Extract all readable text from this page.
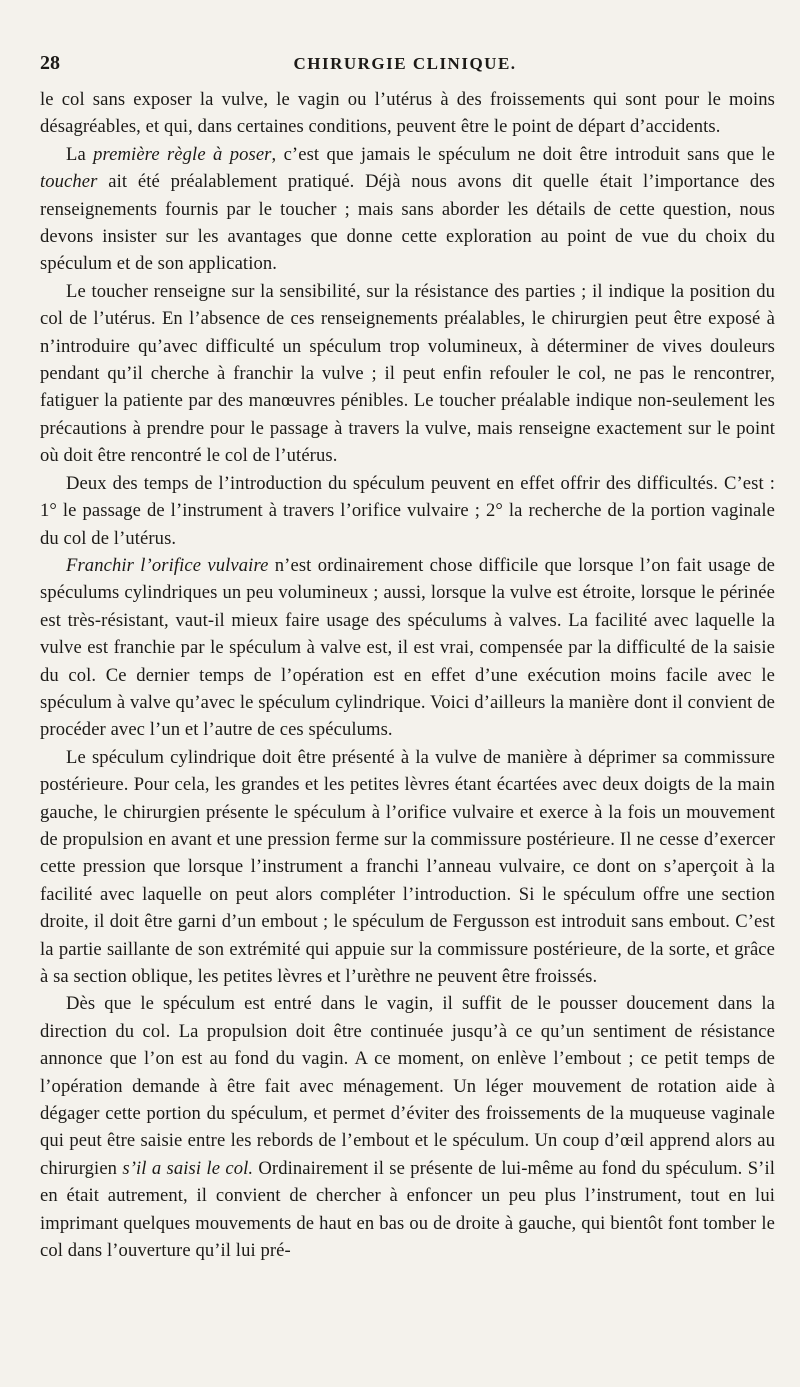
28	CHIRURGIE CLINIQUE.

le col sans exposer la vulve, le vagin ou l’utérus à des froissements qui sont pour le moins désagréables, et qui, dans certaines conditions, peuvent être le point de départ d’accidents.

La première règle à poser, c’est que jamais le spéculum ne doit être introduit sans que le toucher ait été préalablement pratiqué. Déjà nous avons dit quelle était l’importance des renseignements fournis par le toucher ; mais sans aborder les détails de cette question, nous devons insister sur les avantages que donne cette exploration au point de vue du choix du spéculum et de son application.

Le toucher renseigne sur la sensibilité, sur la résistance des parties ; il indique la position du col de l’utérus. En l’absence de ces renseignements préalables, le chirurgien peut être exposé à n’introduire qu’avec difficulté un spéculum trop volumineux, à déterminer de vives douleurs pendant qu’il cherche à franchir la vulve ; il peut enfin refouler le col, ne pas le rencontrer, fatiguer la patiente par des manœuvres pénibles. Le toucher préalable indique non-seulement les précautions à prendre pour le passage à travers la vulve, mais renseigne exactement sur le point où doit être rencontré le col de l’utérus.

Deux des temps de l’introduction du spéculum peuvent en effet offrir des difficultés. C’est : 1° le passage de l’instrument à travers l’orifice vulvaire ; 2° la recherche de la portion vaginale du col de l’utérus.

Franchir l’orifice vulvaire n’est ordinairement chose difficile que lorsque l’on fait usage de spéculums cylindriques un peu volumineux ; aussi, lorsque la vulve est étroite, lorsque le périnée est très-résistant, vaut-il mieux faire usage des spéculums à valves. La facilité avec laquelle la vulve est franchie par le spéculum à valve est, il est vrai, compensée par la difficulté de la saisie du col. Ce dernier temps de l’opération est en effet d’une exécution moins facile avec le spéculum à valve qu’avec le spéculum cylindrique. Voici d’ailleurs la manière dont il convient de procéder avec l’un et l’autre de ces spéculums.

Le spéculum cylindrique doit être présenté à la vulve de manière à déprimer sa commissure postérieure. Pour cela, les grandes et les petites lèvres étant écartées avec deux doigts de la main gauche, le chirurgien présente le spéculum à l’orifice vulvaire et exerce à la fois un mouvement de propulsion en avant et une pression ferme sur la commissure postérieure. Il ne cesse d’exercer cette pression que lorsque l’instrument a franchi l’anneau vulvaire, ce dont on s’aperçoit à la facilité avec laquelle on peut alors compléter l’introduction. Si le spéculum offre une section droite, il doit être garni d’un embout ; le spéculum de Fergusson est introduit sans embout. C’est la partie saillante de son extrémité qui appuie sur la commissure postérieure, de la sorte, et grâce à sa section oblique, les petites lèvres et l’urèthre ne peuvent être froissés.

Dès que le spéculum est entré dans le vagin, il suffit de le pousser doucement dans la direction du col. La propulsion doit être continuée jusqu’à ce qu’un sentiment de résistance annonce que l’on est au fond du vagin. A ce moment, on enlève l’embout ; ce petit temps de l’opération demande à être fait avec ménagement. Un léger mouvement de rotation aide à dégager cette portion du spéculum, et permet d’éviter des froissements de la muqueuse vaginale qui peut être saisie entre les rebords de l’embout et le spéculum. Un coup d’œil apprend alors au chirurgien s’il a saisi le col. Ordinairement il se présente de lui-même au fond du spéculum. S’il en était autrement, il convient de chercher à enfoncer un peu plus l’instrument, tout en lui imprimant quelques mouvements de haut en bas ou de droite à gauche, qui bientôt font tomber le col dans l’ouverture qu’il lui pré-
